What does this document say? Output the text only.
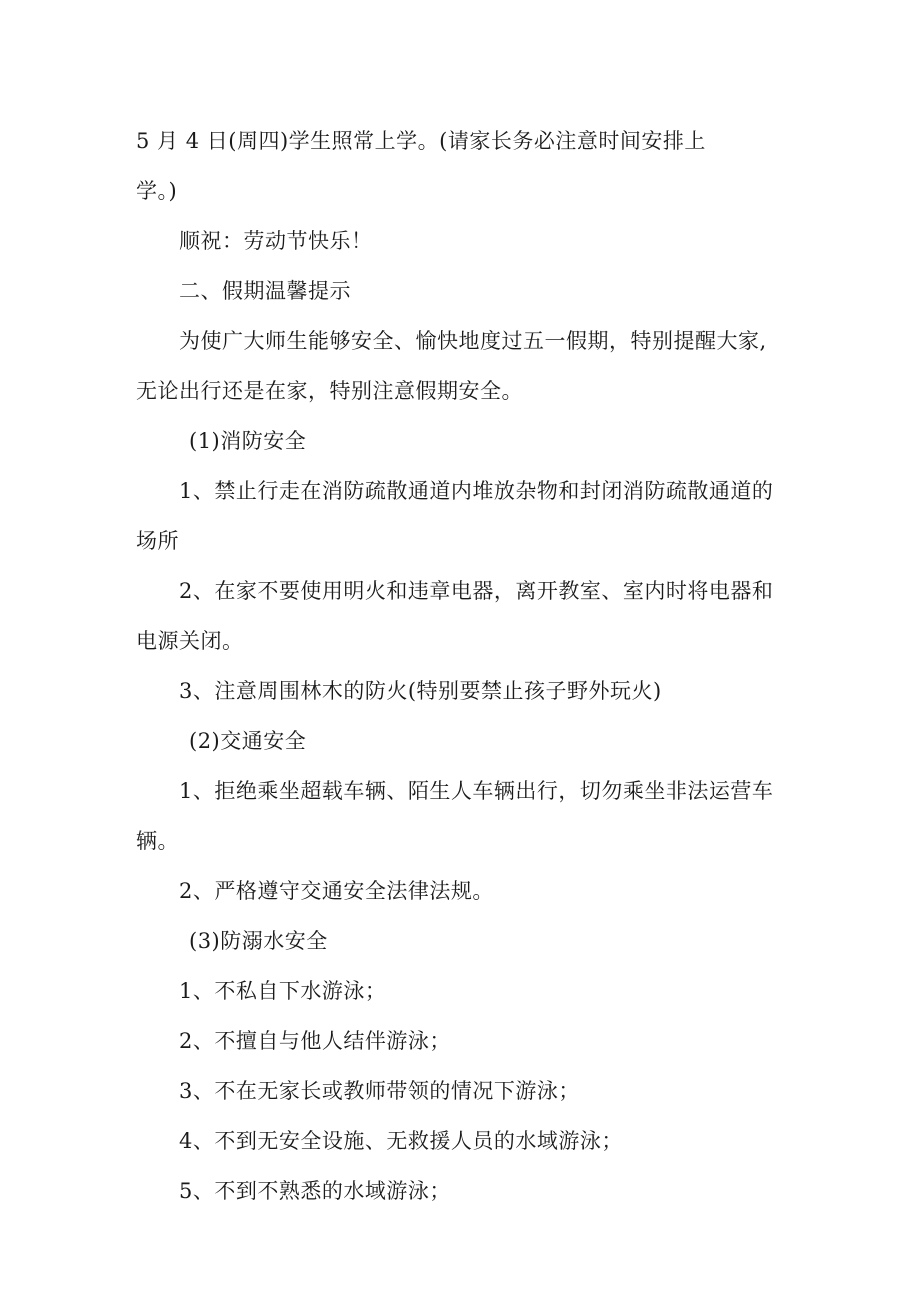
5 月 4 日(周四)学生照常上学。(请家长务必注意时间安排上
学。)
顺祝：劳动节快乐！
二、假期温馨提示
为使广大师生能够安全、愉快地度过五一假期，特别提醒大家,
无论出行还是在家，特别注意假期安全。
(1)消防安全
1、禁止行走在消防疏散通道内堆放杂物和封闭消防疏散通道的
场所
2、在家不要使用明火和违章电器，离开教室、室内时将电器和
电源关闭。
3、注意周围林木的防火(特别要禁止孩子野外玩火)
(2)交通安全
1、拒绝乘坐超载车辆、陌生人车辆出行，切勿乘坐非法运营车
辆。
2、严格遵守交通安全法律法规。
(3)防溺水安全
1、不私自下水游泳；
2、不擅自与他人结伴游泳；
3、不在无家长或教师带领的情况下游泳；
4、不到无安全设施、无救援人员的水域游泳；
5、不到不熟悉的水域游泳；
